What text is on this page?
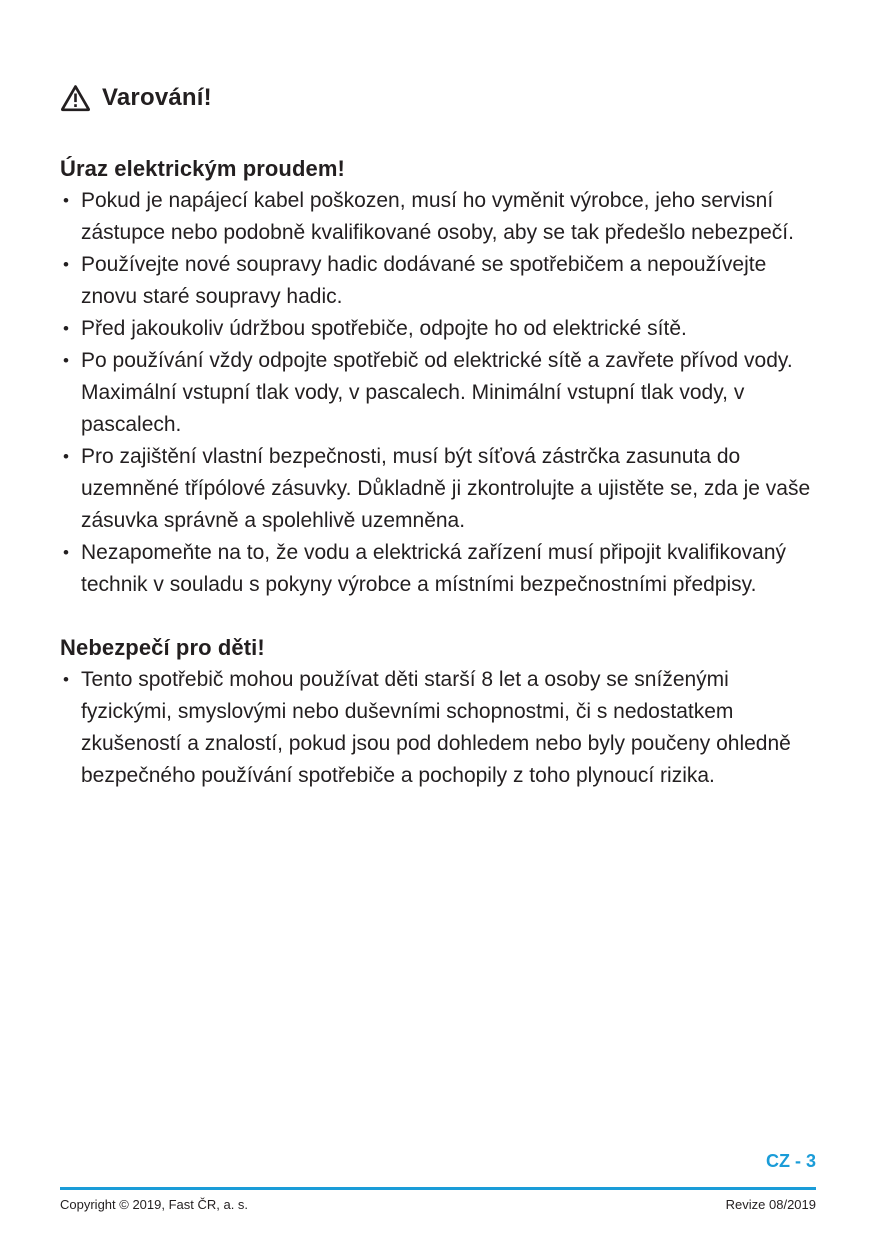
Varování!
Úraz elektrickým proudem!
• Pokud je napájecí kabel poškozen, musí ho vyměnit výrobce, jeho servisní zástupce nebo podobně kvalifikované osoby, aby se tak předešlo nebezpečí.
• Používejte nové soupravy hadic dodávané se spotřebičem a nepoužívejte znovu staré soupravy hadic.
• Před jakoukoliv údržbou spotřebiče, odpojte ho od elektrické sítě.
• Po používání vždy odpojte spotřebič od elektrické sítě a zavřete přívod vody. Maximální vstupní tlak vody, v pascalech. Minimální vstupní tlak vody, v pascalech.
• Pro zajištění vlastní bezpečnosti, musí být síťová zástrčka zasunuta do uzemněné třípólové zásuvky. Důkladně ji zkontrolujte a ujistěte se, zda je vaše zásuvka správně a spolehlivě uzemněna.
• Nezapomeňte na to, že vodu a elektrická zařízení musí připojit kvalifikovaný technik v souladu s pokyny výrobce a místními bezpečnostními předpisy.
Nebezpečí pro děti!
• Tento spotřebič mohou používat děti starší 8 let a osoby se sníženými fyzickými, smyslovými nebo duševními schopnostmi, či s nedostatkem zkušeností a znalostí, pokud jsou pod dohledem nebo byly poučeny ohledně bezpečného používání spotřebiče a pochopily z toho plynoucí rizika.
CZ - 3
Copyright © 2019, Fast ČR, a. s.	Revize 08/2019
